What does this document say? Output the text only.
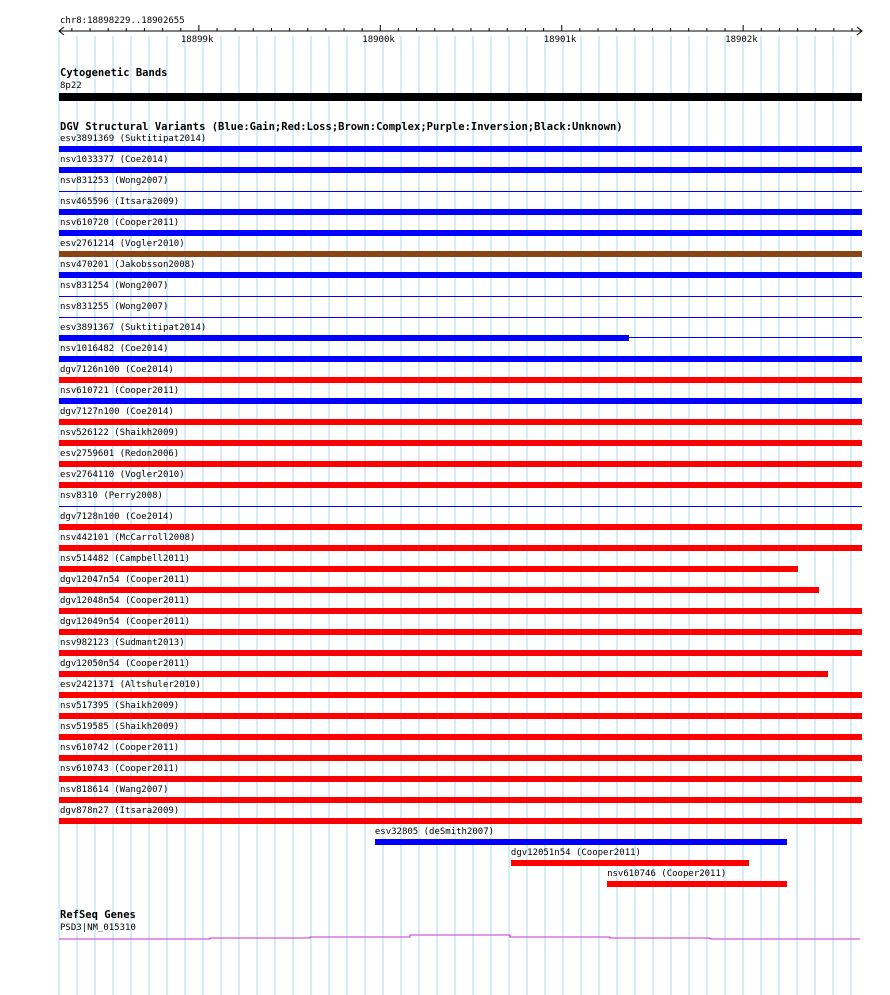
chr8:18898229..18902655
18899k	18900k	18901k	18902k
Cytogenetic Bands
8p22
DGV Structural Variants (Blue:Gain;Red:Loss;Brown:Complex;Purple:Inversion;Black:Unknown)
esv3891369 (Suktitipat2014)
nsv1033377 (Coe2014)
nsv831253 (Wong2007)
nsv465596 (Itsara2009)
nsv610720 (Cooper2011)
esv2761214 (Vogler2010)
nsv470201 (Jakobsson2008)
nsv831254 (Wong2007)
nsv831255 (Wong2007)
esv3891367 (Suktitipat2014)
nsv1016482 (Coe2014)
dgv7126n100 (Coe2014)
nsv610721 (Cooper2011)
dgv7127n100 (Coe2014)
nsv526122 (Shaikh2009)
esv2759601 (Redon2006)
esv2764110 (Vogler2010)
nsv8310 (Perry2008)
dgv7128n100 (Coe2014)
nsv442101 (McCarroll2008)
nsv514482 (Campbell2011)
dgv12047n54 (Cooper2011)
dgv12048n54 (Cooper2011)
dgv12049n54 (Cooper2011)
nsv982123 (Sudmant2013)
dgv12050n54 (Cooper2011)
esv2421371 (Altshuler2010)
nsv517395 (Shaikh2009)
nsv519585 (Shaikh2009)
nsv610742 (Cooper2011)
nsv610743 (Cooper2011)
nsv818614 (Wang2007)
dgv878n27 (Itsara2009)
esv32805 (deSmith2007)
dgv12051n54 (Cooper2011)
nsv610746 (Cooper2011)
RefSeq Genes
PSD3|NM_015310
